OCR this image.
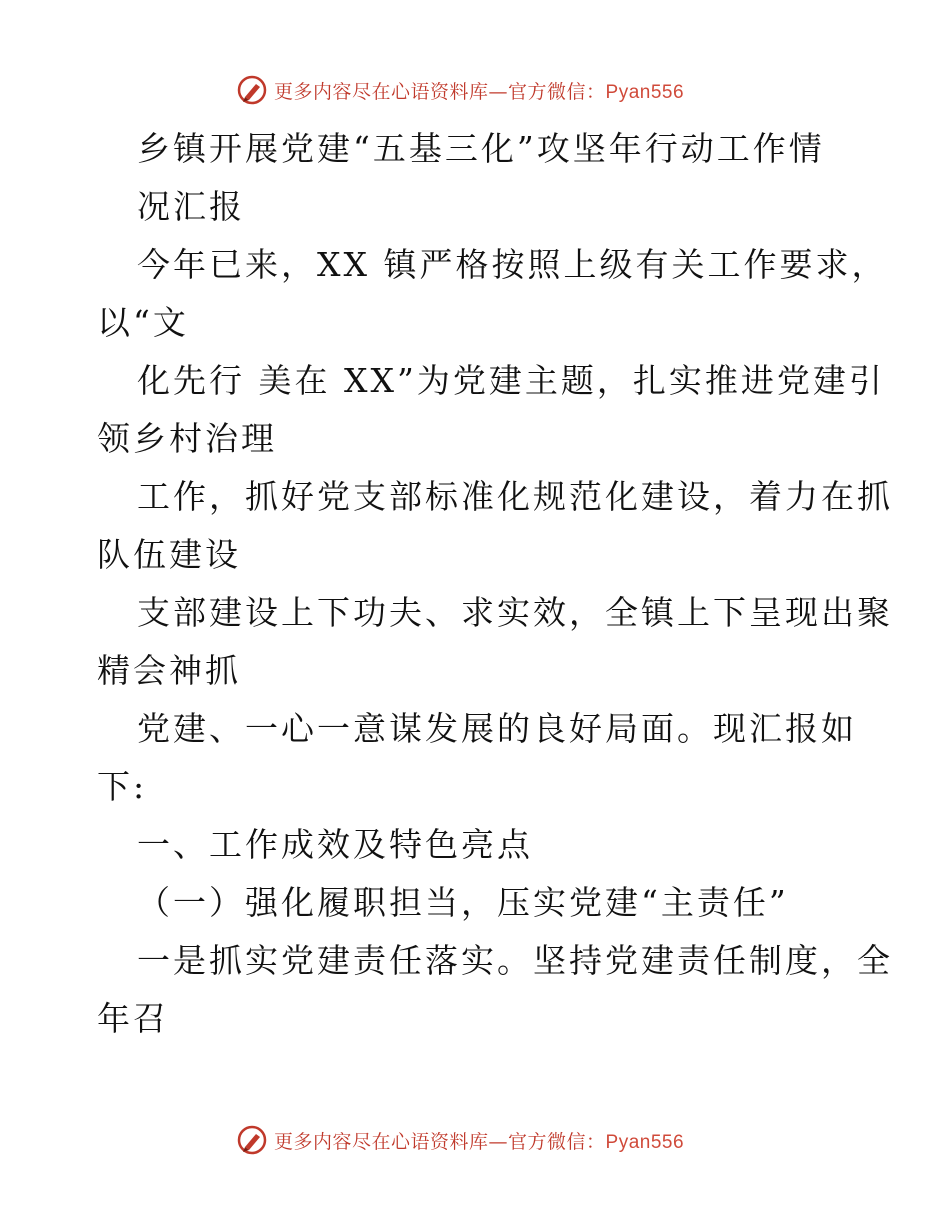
更多内容尽在心语资料库—官方微信：Pyan556
乡镇开展党建“五基三化”攻坚年行动工作情
况汇报
今年已来，XX 镇严格按照上级有关工作要求，
以“文
化先行 美在 XX”为党建主题，扎实推进党建引
领乡村治理
工作，抓好党支部标准化规范化建设，着力在抓
队伍建设
支部建设上下功夫、求实效，全镇上下呈现出聚
精会神抓
党建、一心一意谋发展的良好局面。现汇报如
下:
一、工作成效及特色亮点
（一）强化履职担当，压实党建“主责任”
一是抓实党建责任落实。坚持党建责任制度，全
年召
更多内容尽在心语资料库—官方微信：Pyan556
